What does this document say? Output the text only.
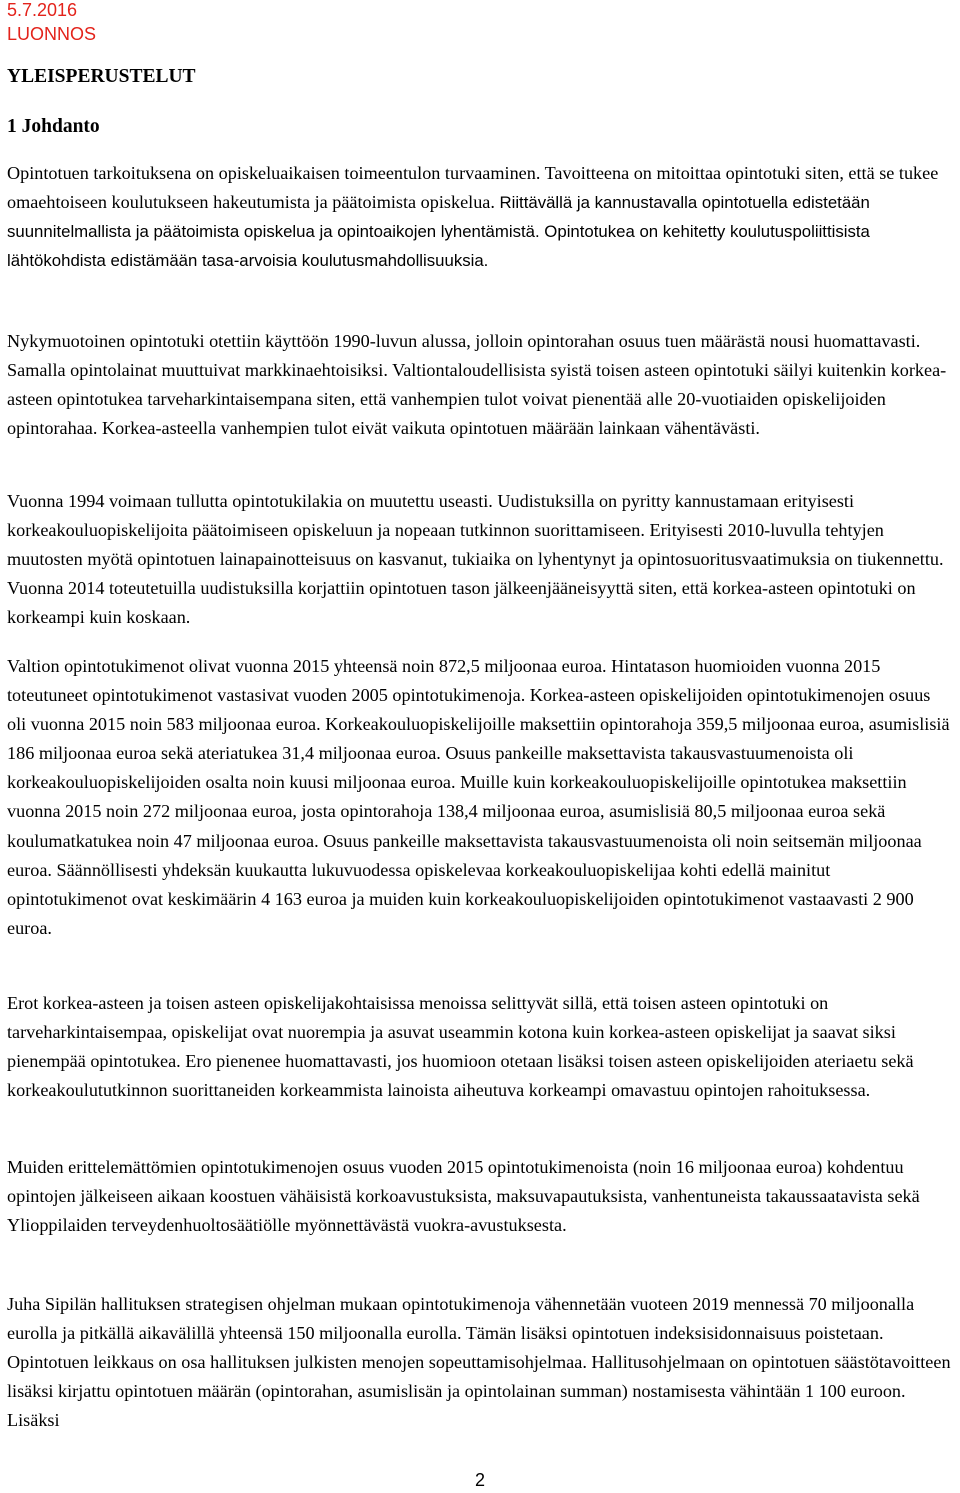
5.7.2016
LUONNOS
YLEISPERUSTELUT
1 Johdanto

Opintotuen tarkoituksena on opiskeluaikaisen toimeentulon turvaaminen. Tavoitteena on mitoittaa opintotuki siten, että se tukee omaehtoiseen koulutukseen hakeutumista ja päätoimista opiskelua. Riittävällä ja kannustavalla opintotuella edistetään suunnitelmallista ja päätoimista opiskelua ja opintoaikojen lyhentämistä. Opintotukea on kehitetty koulutuspoliittisista lähtökohdista edistämään tasa-arvoisia koulutusmahdollisuuksia.

Nykymuotoinen opintotuki otettiin käyttöön 1990-luvun alussa, jolloin opintorahan osuus tuen määrästä nousi huomattavasti. Samalla opintolainat muuttuivat markkinaehtoisiksi. Valtiontaloudellisista syistä toisen asteen opintotuki säilyi kuitenkin korkea-asteen opintotukea tarveharkintaisempana siten, että vanhempien tulot voivat pienentää alle 20-vuotiaiden opiskelijoiden opintorahaa. Korkea-asteella vanhempien tulot eivät vaikuta opintotuen määrään lainkaan vähentävästi.

Vuonna 1994 voimaan tullutta opintotukilakia on muutettu useasti. Uudistuksilla on pyritty kannustamaan erityisesti korkeakouluopiskelijoita päätoimiseen opiskeluun ja nopeaan tutkinnon suorittamiseen. Erityisesti 2010-luvulla tehtyjen muutosten myötä opintotuen lainapainotteisuus on kasvanut, tukiaika on lyhentynyt ja opintosuoritusvaatimuksia on tiukennettu. Vuonna 2014 toteutetuilla uudistuksilla korjattiin opintotuen tason jälkeenjääneisyyttä siten, että korkea-asteen opintotuki on korkeampi kuin koskaan.

Valtion opintotukimenot olivat vuonna 2015 yhteensä noin 872,5 miljoonaa euroa. Hintatason huomioiden vuonna 2015 toteutuneet opintotukimenot vastasivat vuoden 2005 opintotukimenoja. Korkea-asteen opiskelijoiden opintotukimenojen osuus oli vuonna 2015 noin 583 miljoonaa euroa. Korkeakouluopiskelijoille maksettiin opintorahoja 359,5 miljoonaa euroa, asumislisiä 186 miljoonaa euroa sekä ateriatukea 31,4 miljoonaa euroa. Osuus pankeille maksettavista takausvastuumenoista oli korkeakouluopiskelijoiden osalta noin kuusi miljoonaa euroa. Muille kuin korkeakouluopiskelijoille opintotukea maksettiin vuonna 2015 noin 272 miljoonaa euroa, josta opintorahoja 138,4 miljoonaa euroa, asumislisiä 80,5 miljoonaa euroa sekä koulumatkatukea noin 47 miljoonaa euroa. Osuus pankeille maksettavista takausvastuumenoista oli noin seitsemän miljoonaa euroa. Säännöllisesti yhdeksän kuukautta lukuvuodessa opiskelevaa korkeakouluopiskelijaa kohti edellä mainitut opintotukimenot ovat keskimäärin 4 163 euroa ja muiden kuin korkeakouluopiskelijoiden opintotukimenot vastaavasti 2 900 euroa.

Erot korkea-asteen ja toisen asteen opiskelijakohtaisissa menoissa selittyvät sillä, että toisen asteen opintotuki on tarveharkintaisempaa, opiskelijat ovat nuorempia ja asuvat useammin kotona kuin korkea-asteen opiskelijat ja saavat siksi pienempää opintotukea. Ero pienenee huomattavasti, jos huomioon otetaan lisäksi toisen asteen opiskelijoiden ateriaetu sekä korkeakoulututkinnon suorittaneiden korkeammista lainoista aiheutuva korkeampi omavastuu opintojen rahoituksessa.

Muiden erittelemättömien opintotukimenojen osuus vuoden 2015 opintotukimenoista (noin 16 miljoonaa euroa) kohdentuu opintojen jälkeiseen aikaan koostuen vähäisistä korkoavustuksista, maksuvapautuksista, vanhentuneista takaussaatavista sekä Ylioppilaiden terveydenhuoltosäätiölle myönnettävästä vuokra-avustuksesta.

Juha Sipilän hallituksen strategisen ohjelman mukaan opintotukimenoja vähennetään vuoteen 2019 mennessä 70 miljoonalla eurolla ja pitkällä aikavälillä yhteensä 150 miljoonalla eurolla. Tämän lisäksi opintotuen indeksisidonnaisuus poistetaan. Opintotuen leikkaus on osa hallituksen julkisten menojen sopeuttamisohjelmaa. Hallitusohjelmaan on opintotuen säästötavoitteen lisäksi kirjattu opintotuen määrän (opintorahan, asumislisän ja opintolainan summan) nostamisesta vähintään 1 100 euroon. Lisäksi

2
